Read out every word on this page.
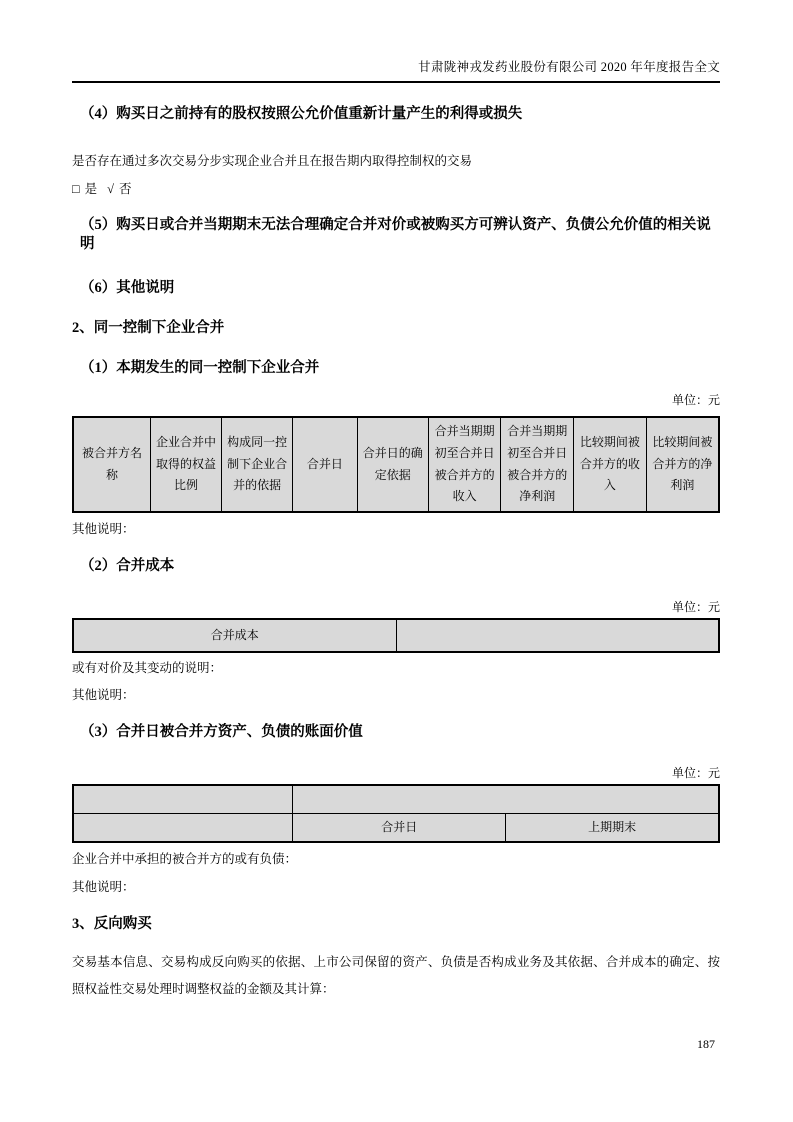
甘肃陇神戎发药业股份有限公司 2020 年年度报告全文
（4）购买日之前持有的股权按照公允价值重新计量产生的利得或损失

是否存在通过多次交易分步实现企业合并且在报告期内取得控制权的交易

□ 是 √ 否

（5）购买日或合并当期期末无法合理确定合并对价或被购买方可辨认资产、负债公允价值的相关说明
（6）其他说明
2、同一控制下企业合并
（1）本期发生的同一控制下企业合并

单位：元

被合并方名称	企业合并中取得的权益比例	构成同一控制下企业合并的依据	合并日	合并日的确定依据	合并当期期初至合并日被合并方的收入	合并当期期初至合并日被合并方的净利润	比较期间被合并方的收入	比较期间被合并方的净利润

其他说明：

（2）合并成本

单位：元

合并成本	

或有对价及其变动的说明：

其他说明：

（3）合并日被合并方资产、负债的账面价值

单位：元

	合并日	上期期末

企业合并中承担的被合并方的或有负债：

其他说明：

3、反向购买

交易基本信息、交易构成反向购买的依据、上市公司保留的资产、负债是否构成业务及其依据、合并成本的确定、按照权益性交易处理时调整权益的金额及其计算：

187
